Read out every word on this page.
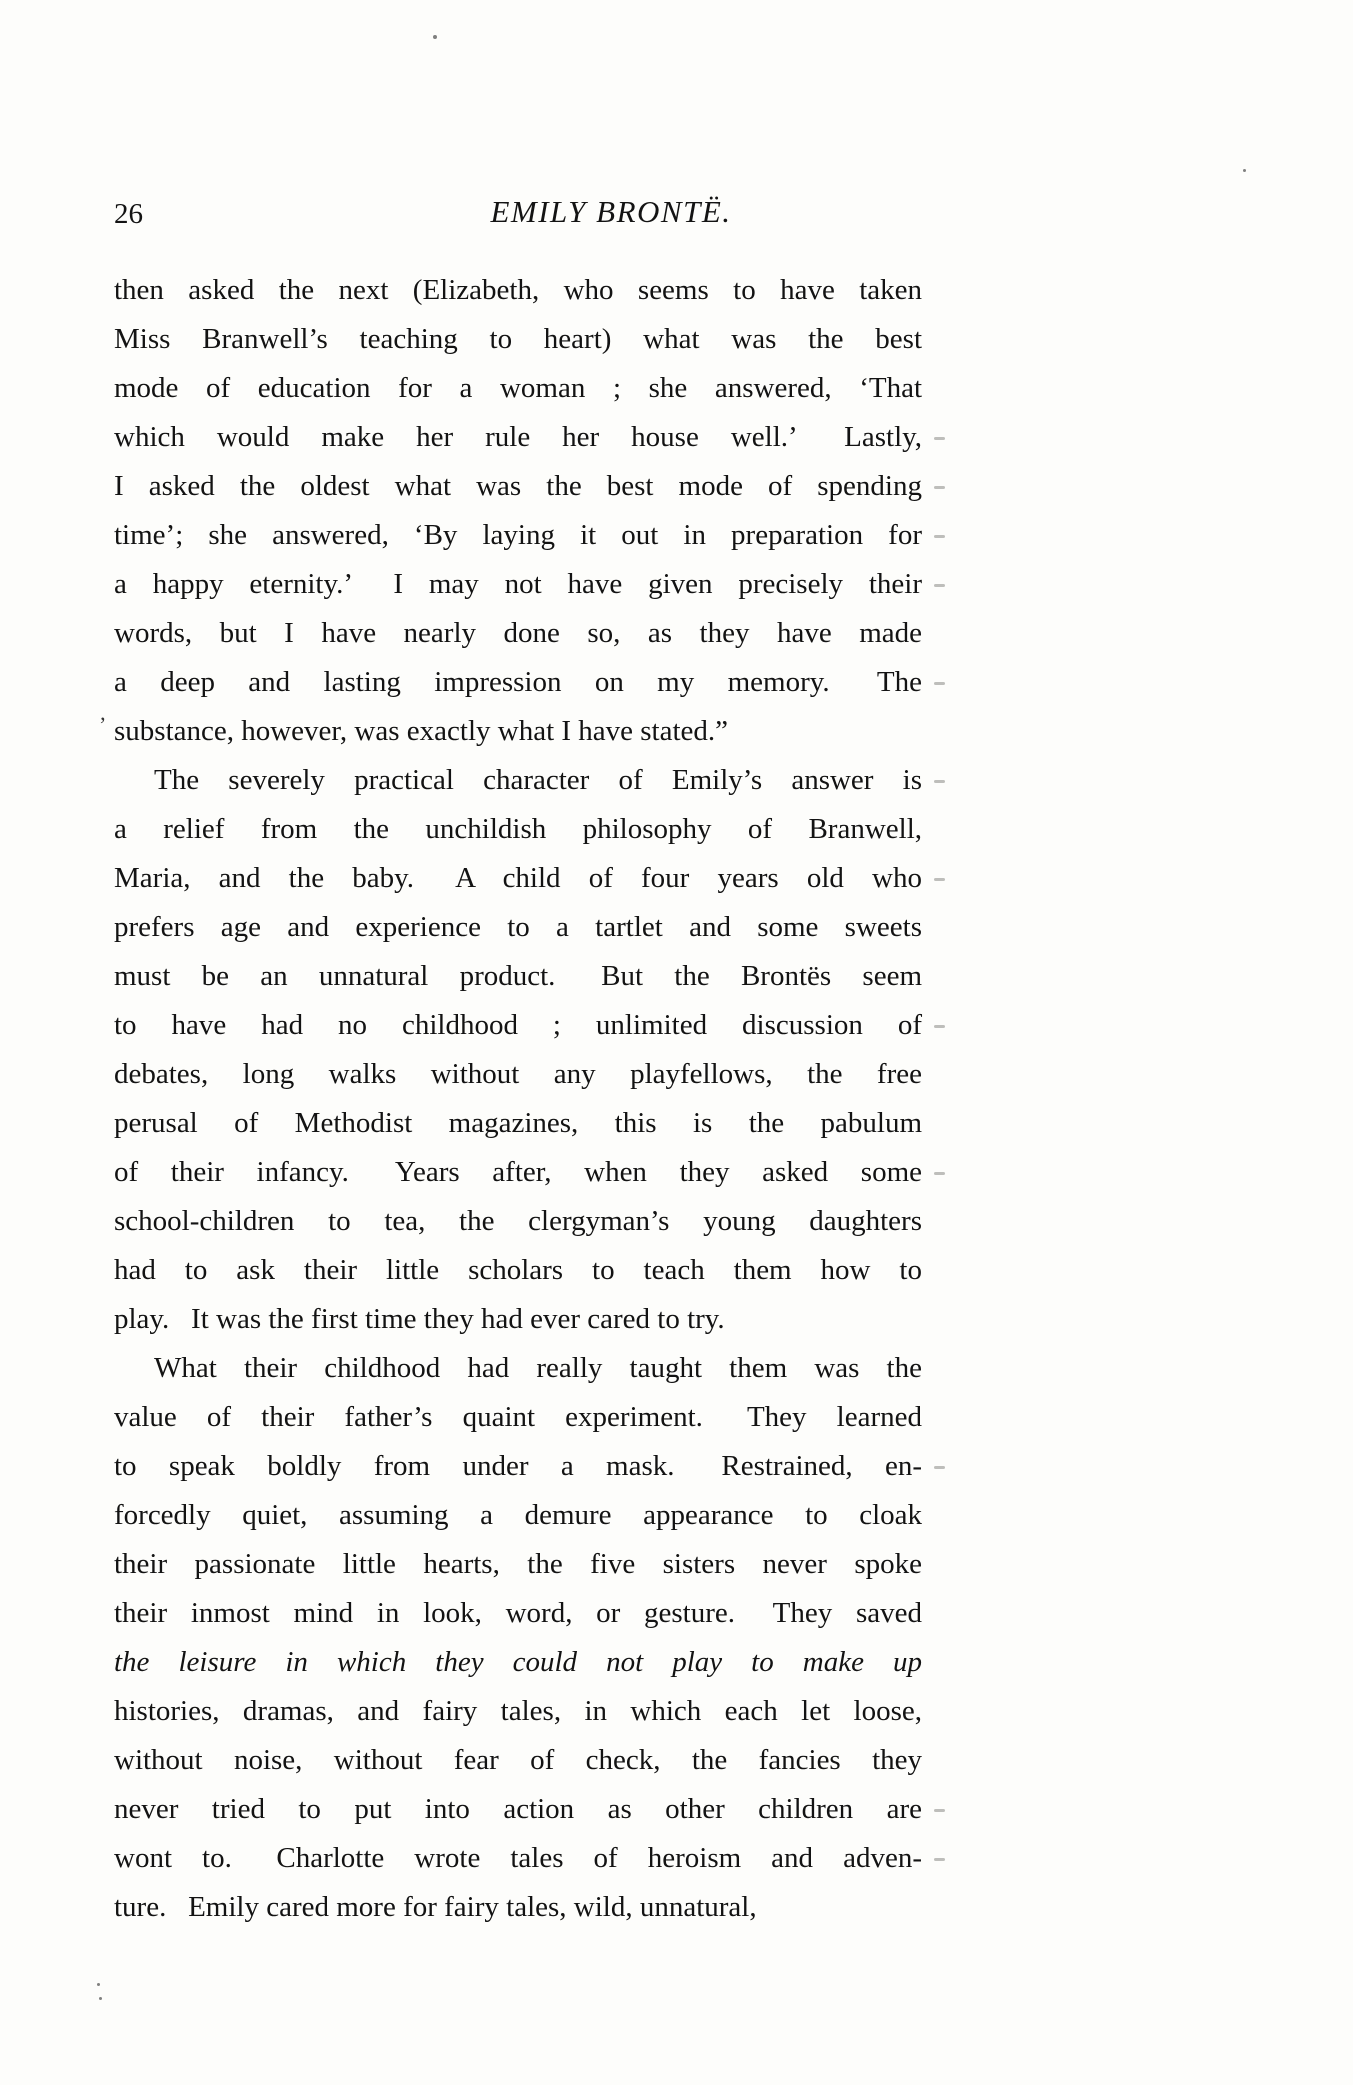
26	EMILY BRONTË.
then asked the next (Elizabeth, who seems to have taken
Miss Branwell’s teaching to heart) what was the best
mode of education for a woman ; she answered, ‘That
which would make her rule her house well.’  Lastly,
I asked the oldest what was the best mode of spending
time’; she answered, ‘By laying it out in preparation for
a happy eternity.’  I may not have given precisely their
words, but I have nearly done so, as they have made
a deep and lasting impression on my memory.  The
substance, however, was exactly what I have stated.”
The severely practical character of Emily’s answer is
a relief from the unchildish philosophy of Branwell,
Maria, and the baby.  A child of four years old who
prefers age and experience to a tartlet and some sweets
must be an unnatural product.  But the Brontës seem
to have had no childhood ; unlimited discussion of
debates, long walks without any playfellows, the free
perusal of Methodist magazines, this is the pabulum
of their infancy.  Years after, when they asked some
school-children to tea, the clergyman’s young daughters
had to ask their little scholars to teach them how to
play.  It was the first time they had ever cared to try.
What their childhood had really taught them was the
value of their father’s quaint experiment.  They learned
to speak boldly from under a mask.  Restrained, en-
forcedly quiet, assuming a demure appearance to cloak
their passionate little hearts, the five sisters never spoke
their inmost mind in look, word, or gesture.  They saved
the leisure in which they could not play to make up
histories, dramas, and fairy tales, in which each let loose,
without noise, without fear of check, the fancies they
never tried to put into action as other children are
wont to.  Charlotte wrote tales of heroism and adven-
ture.  Emily cared more for fairy tales, wild, unnatural,
’
